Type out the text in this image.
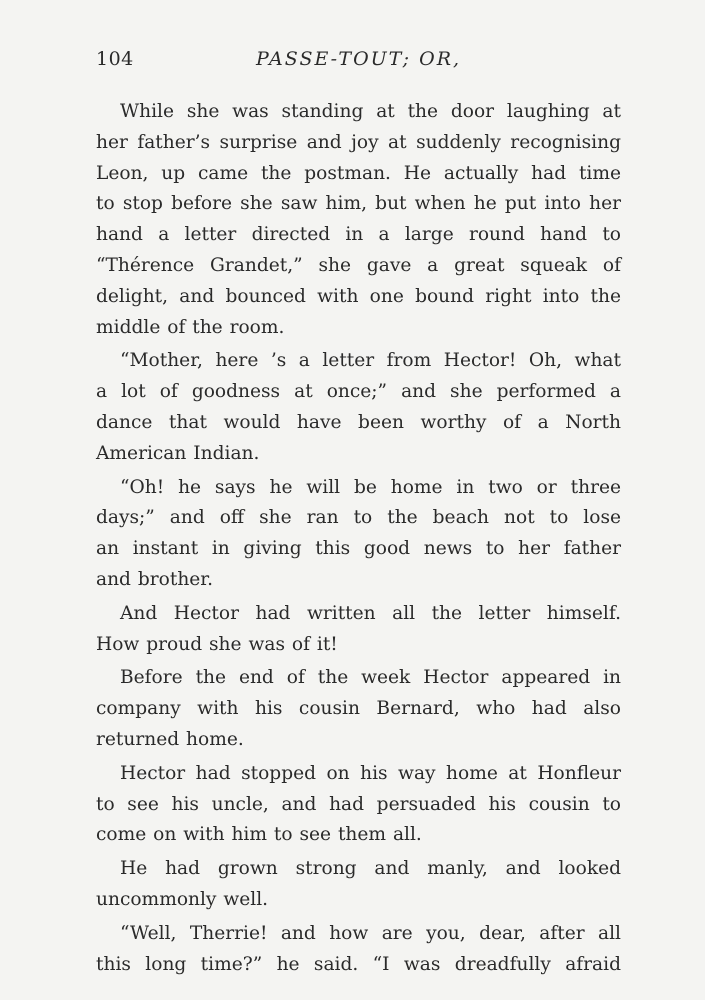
104	PASSE-TOUT; OR,
While she was standing at the door laughing at
her father’s surprise and joy at suddenly recognising
Leon, up came the postman. He actually had time
to stop before she saw him, but when he put into her
hand a letter directed in a large round hand to
“Thérence Grandet,” she gave a great squeak of
delight, and bounced with one bound right into the
middle of the room.
“Mother, here ’s a letter from Hector! Oh, what
a lot of goodness at once;” and she performed a
dance that would have been worthy of a North
American Indian.
“Oh! he says he will be home in two or three
days;” and off she ran to the beach not to lose
an instant in giving this good news to her father
and brother.
And Hector had written all the letter himself.
How proud she was of it!
Before the end of the week Hector appeared in
company with his cousin Bernard, who had also
returned home.
Hector had stopped on his way home at Honfleur
to see his uncle, and had persuaded his cousin to
come on with him to see them all.
He had grown strong and manly, and looked
uncommonly well.
“Well, Therrie! and how are you, dear, after all
this long time?” he said. “I was dreadfully afraid
